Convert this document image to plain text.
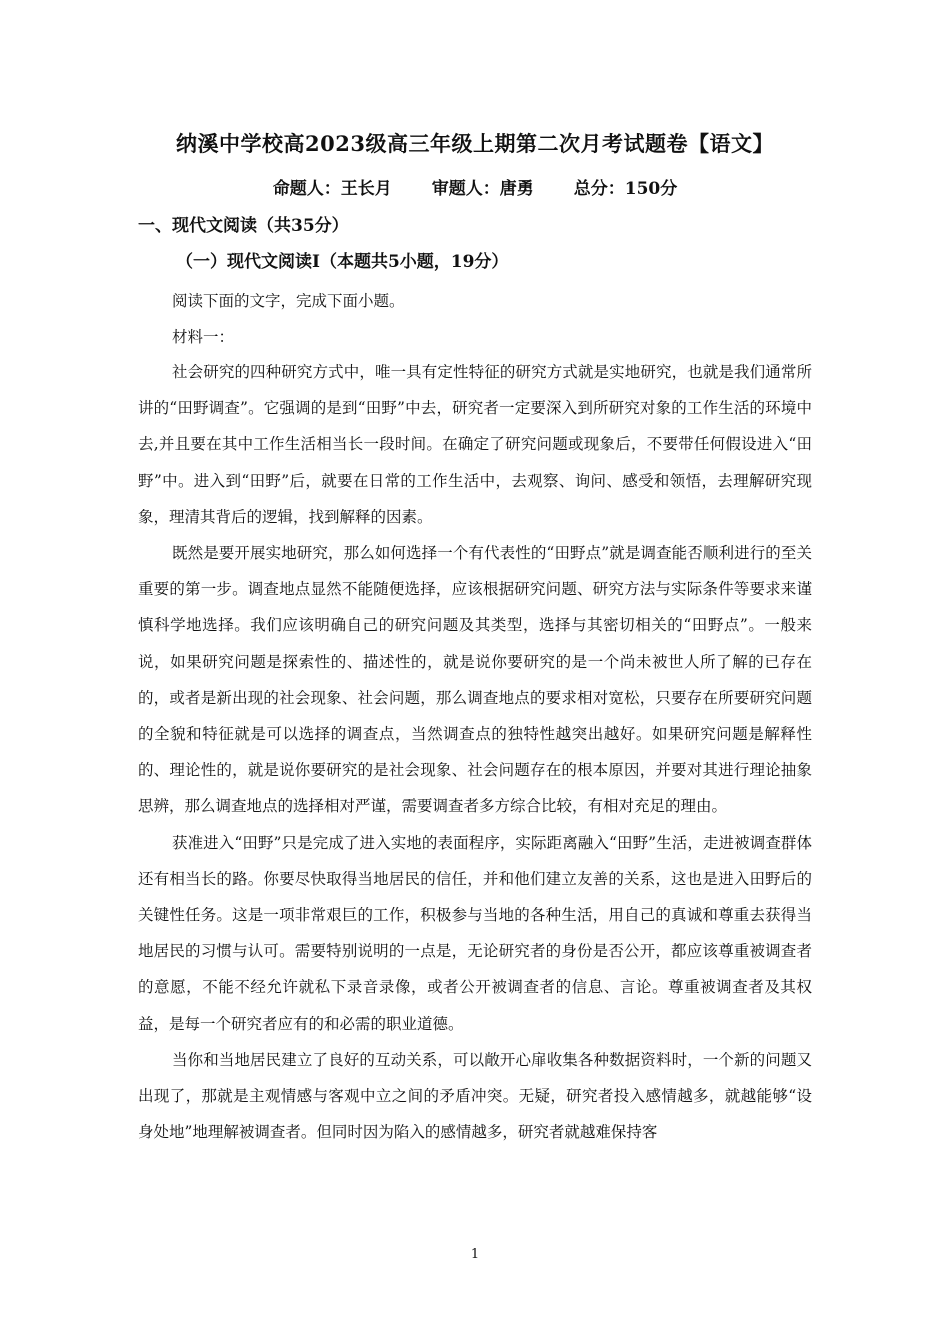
纳溪中学校高2023级高三年级上期第二次月考试题卷【语文】
命题人：王长月 审题人：唐勇 总分：150分
一、现代文阅读（共35分）
（一）现代文阅读Ⅰ（本题共5小题，19分）
阅读下面的文字，完成下面小题。
材料一：

社会研究的四种研究方式中，唯一具有定性特征的研究方式就是实地研究，也就是我们通常所讲的“田野调查”。它强调的是到“田野”中去，研究者一定要深入到所研究对象的工作生活的环境中去,并且要在其中工作生活相当长一段时间。在确定了研究问题或现象后，不要带任何假设进入“田野”中。进入到“田野”后，就要在日常的工作生活中，去观察、询问、感受和领悟，去理解研究现象，理清其背后的逻辑，找到解释的因素。

既然是要开展实地研究，那么如何选择一个有代表性的“田野点”就是调查能否顺利进行的至关重要的第一步。调查地点显然不能随便选择，应该根据研究问题、研究方法与实际条件等要求来谨慎科学地选择。我们应该明确自己的研究问题及其类型，选择与其密切相关的“田野点”。一般来说，如果研究问题是探索性的、描述性的，就是说你要研究的是一个尚未被世人所了解的已存在的，或者是新出现的社会现象、社会问题，那么调查地点的要求相对宽松，只要存在所要研究问题的全貌和特征就是可以选择的调查点，当然调查点的独特性越突出越好。如果研究问题是解释性的、理论性的，就是说你要研究的是社会现象、社会问题存在的根本原因，并要对其进行理论抽象思辨，那么调查地点的选择相对严谨，需要调查者多方综合比较，有相对充足的理由。

获准进入“田野”只是完成了进入实地的表面程序，实际距离融入“田野”生活，走进被调查群体还有相当长的路。你要尽快取得当地居民的信任，并和他们建立友善的关系，这也是进入田野后的关键性任务。这是一项非常艰巨的工作，积极参与当地的各种生活，用自己的真诚和尊重去获得当地居民的习惯与认可。需要特别说明的一点是，无论研究者的身份是否公开，都应该尊重被调查者的意愿，不能不经允许就私下录音录像，或者公开被调查者的信息、言论。尊重被调查者及其权益，是每一个研究者应有的和必需的职业道德。

当你和当地居民建立了良好的互动关系，可以敞开心扉收集各种数据资料时，一个新的问题又出现了，那就是主观情感与客观中立之间的矛盾冲突。无疑，研究者投入感情越多，就越能够“设身处地”地理解被调查者。但同时因为陷入的感情越多，研究者就越难保持客

1
